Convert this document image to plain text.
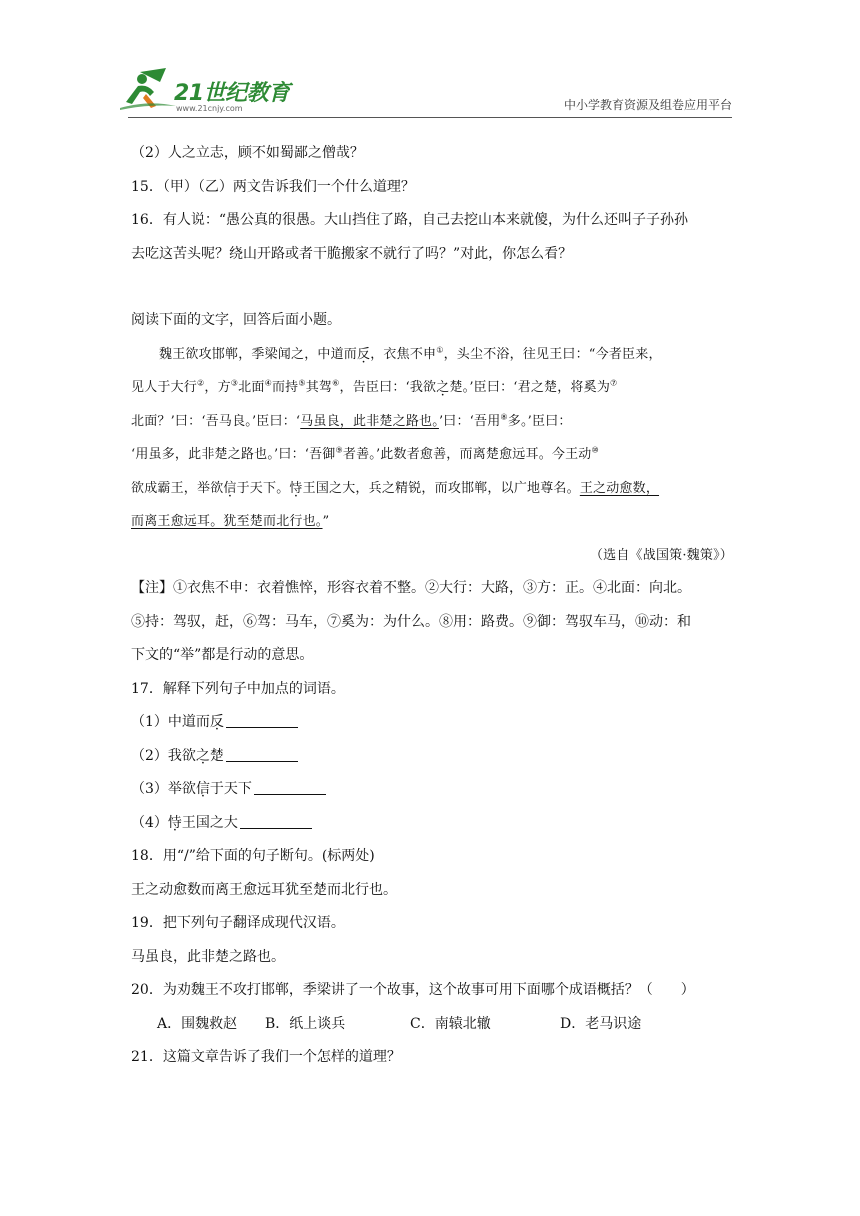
21世纪教育
www.21cnjy.com	中小学教育资源及组卷应用平台
（2）人之立志，顾不如蜀鄙之僧哉？
15．（甲）（乙）两文告诉我们一个什么道理？
16．有人说：“愚公真的很愚。大山挡住了路，自己去挖山本来就傻，为什么还叫子子孙孙
去吃这苦头呢？绕山开路或者干脆搬家不就行了吗？”对此，你怎么看？
阅读下面的文字，回答后面小题。
魏王欲攻邯郸，季梁闻之，中道而反，衣焦不申①，头尘不浴，往见王曰：“今者臣来，
见人于大行②，方③北面④而持⑤其驾⑥，告臣曰：‘我欲之楚。’臣曰：‘君之楚，将奚为⑦
北面？’曰：‘吾马良。’臣曰：‘马虽良，此非楚之路也。’曰：‘吾用⑧多。’臣曰：
‘用虽多，此非楚之路也。’曰：‘吾御⑨者善。’此数者愈善，而离楚愈远耳。今王动⑩
欲成霸王，举欲信于天下。恃王国之大，兵之精锐，而攻邯郸，以广地尊名。王之动愈数，
而离王愈远耳。犹至楚而北行也。”
（选自《战国策·魏策》）
【注】①衣焦不申：衣着憔悴，形容衣着不整。②大行：大路，③方：正。④北面：向北。
⑤持：驾驭，赶，⑥驾：马车，⑦奚为：为什么。⑧用：路费。⑨御：驾驭车马，⑩动：和
下文的“举”都是行动的意思。
17．解释下列句子中加点的词语。
（1）中道而反
（2）我欲之楚
（3）举欲信于天下
（4）恃王国之大
18．用“/”给下面的句子断句。(标两处)
王之动愈数而离王愈远耳犹至楚而北行也。
19．把下列句子翻译成现代汉语。
马虽良，此非楚之路也。
20．为劝魏王不攻打邯郸，季梁讲了一个故事，这个故事可用下面哪个成语概括？（　　）
A．围魏救赵 B．纸上谈兵	C．南辕北辙	D．老马识途
21．这篇文章告诉了我们一个怎样的道理？
